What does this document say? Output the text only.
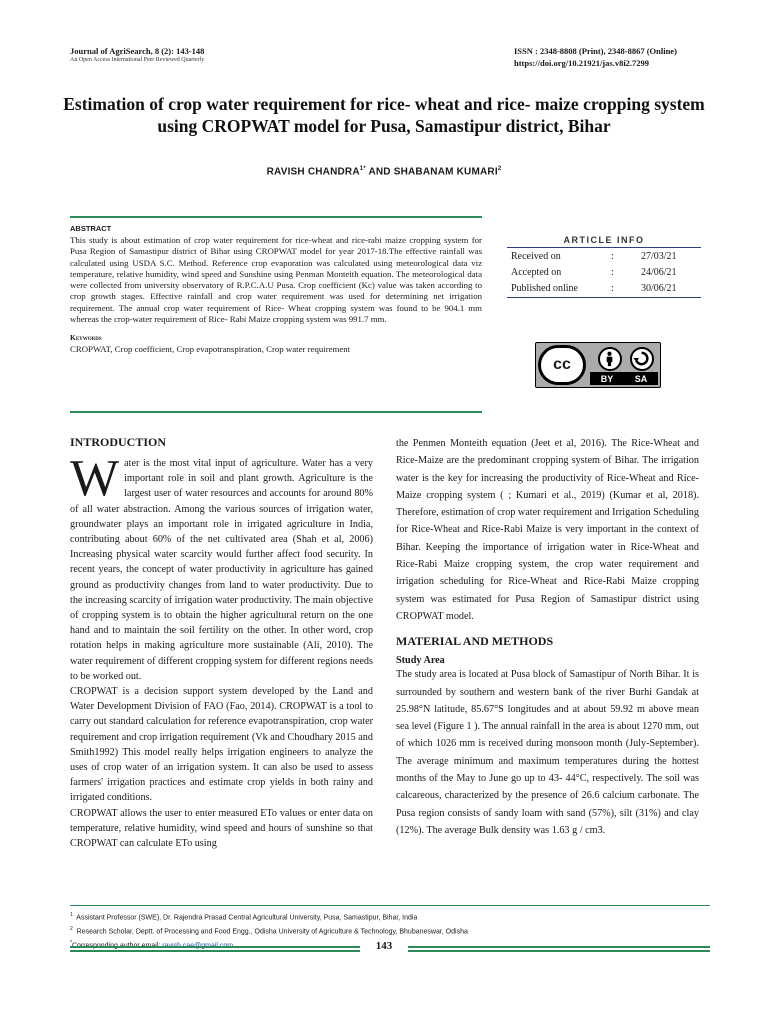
Journal of AgriSearch, 8 (2): 143-148
An Open Access International Peer Reviewed Quarterly
ISSN : 2348-8808 (Print), 2348-8867 (Online)
https://doi.org/10.21921/jas.v8i2.7299
Estimation of crop water requirement for rice- wheat and rice- maize cropping system using CROPWAT model for Pusa, Samastipur district, Bihar
RAVISH $CHANDRA^{1*}$ AND SHABANAM KUMARI$^2$
ABSTRACT
This study is about estimation of crop water requirement for rice-wheat and rice-rabi maize cropping system for Pusa Region of Samastipur district of Bihar using CROPWAT model for year 2017-18.The effective rainfall was calculated using USDA S.C. Method. Reference crop evaporation was calculated using meteorological data viz temperature, relative humidity, wind speed and Sunshine using Penman Monteith equation. The meteorological data were collected from university observatory of R.P.C.A.U Pusa. Crop coefficient (Kc) value was taken according to crop growth stages. Effective rainfall and crop water requirement was used for determining net irrigation requirement. The annual crop water requirement of Rice- Wheat cropping system was found to be 904.1 mm whereas the crop-water requirement of Rice- Rabi Maize cropping system was 991.7 mm.
Keywords
CROPWAT, Crop coefficient, Crop evapotranspiration, Crop water requirement
ARTICLE INFO
Received on	:	27/03/21
Accepted on	:	24/06/21
Published online	:	30/06/21
cc
BY SA
INTRODUCTION
Water is the most vital input of agriculture. Water has a very important role in soil and plant growth. Agriculture is the largest user of water resources and accounts for around 80% of all water abstraction. Among the various sources of irrigation water, groundwater plays an important role in irrigated agriculture in India, contributing about 60% of the net cultivated area (Shah et al, 2006) Increasing physical water scarcity would further affect food security. In recent years, the concept of water productivity in agriculture has gained ground as productivity changes from land to water productivity. Due to the increasing scarcity of irrigation water productivity. The main objective of cropping system is to obtain the higher agricultural return on the one hand and to maintain the soil fertility on the other. In other word, crop rotation helps in making agriculture more sustainable (Ali, 2010). The water requirement of different cropping system for different regions needs to be worked out.
CROPWAT is a decision support system developed by the Land and Water Development Division of FAO (Fao, 2014). CROPWAT is a tool to carry out standard calculation for reference evapotranspiration, crop water requirement and crop irrigation requirement (Vk and Choudhary 2015 and Smith1992) This model really helps irrigation engineers to analyze the uses of crop water of an irrigation system. It can also be used to assess farmers' irrigation practices and estimate crop yields in both rainy and irrigated conditions.
CROPWAT allows the user to enter measured ETo values or enter data on temperature, relative humidity, wind speed and hours of sunshine so that CROPWAT can calculate ETo using
the Penmen Monteith equation (Jeet et al, 2016). The Rice-Wheat and Rice-Maize are the predominant cropping system of Bihar. The irrigation water is the key for increasing the productivity of Rice-Wheat and Rice-Maize cropping system ( ; Kumari et al., 2019) (Kumar et al, 2018). Therefore, estimation of crop water requirement and Irrigation Scheduling for Rice-Wheat and Rice-Rabi Maize is very important in the context of Bihar. Keeping the importance of irrigation water in Rice-Wheat and Rice-Rabi Maize cropping system, the crop water requirement and irrigation scheduling for Rice-Wheat and Rice-Rabi Maize cropping system was estimated for Pusa Region of Samastipur district using CROPWAT model.
MATERIAL AND METHODS
Study Area
The study area is located at Pusa block of Samastipur of North Bihar. It is surrounded by southern and western bank of the river Burhi Gandak at 25.98°N latitude, 85.67°S longitudes and at about 59.92 m above mean sea level (Figure 1 ). The annual rainfall in the area is about 1270 mm, out of which 1026 mm is received during monsoon month (July-September). The average minimum and maximum temperatures during the hottest months of the May to June go up to 43- 44°C, respectively. The soil was calcareous, characterized by the presence of 26.6 calcium carbonate. The Pusa region consists of sandy loam with sand (57%), silt (31%) and clay (12%). The average Bulk density was 1.63 g / cm3.
$^1$ Assistant Professor (SWE), Dr. Rajendra Prasad Central Agricultural University, Pusa, Samastipur, Bihar, India
$^2$ Research Scholar, Deptt. of Processing and Food Engg., Odisha University of Agriculture & Technology, Bhubaneswar, Odisha
*	143
